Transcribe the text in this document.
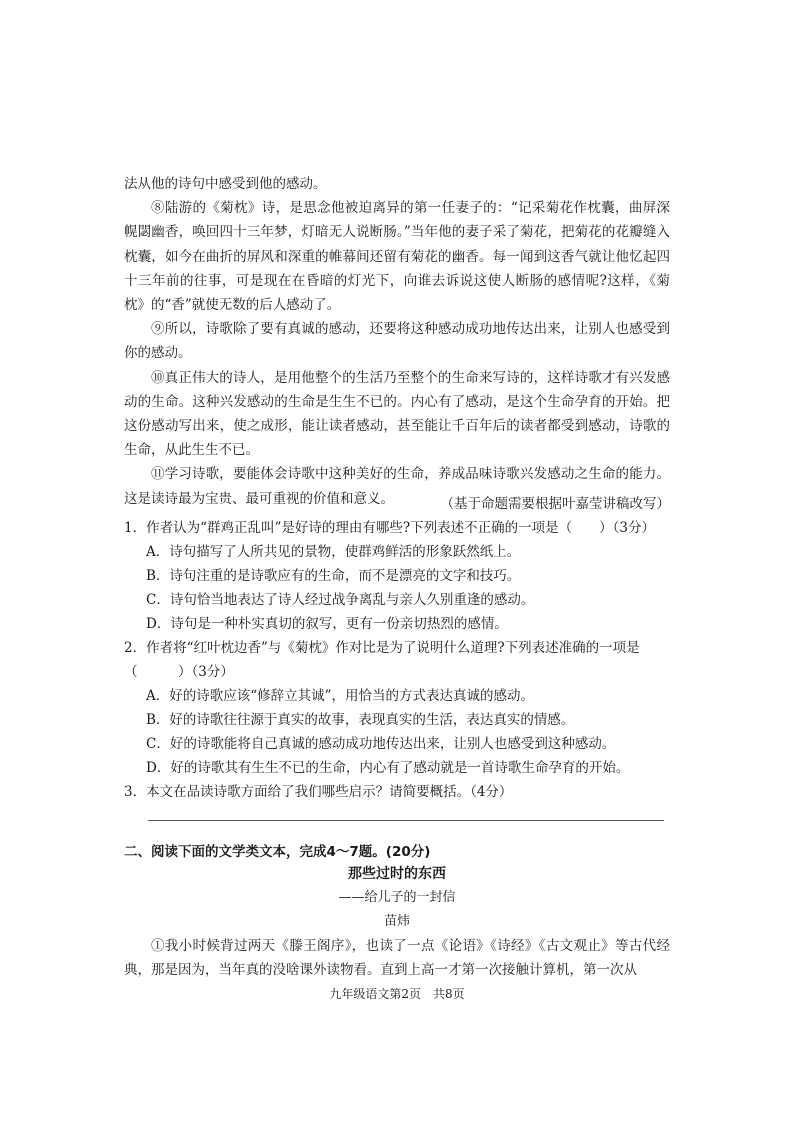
法从他的诗句中感受到他的感动。

⑧陆游的《菊枕》诗，是思念他被迫离异的第一任妻子的：“记采菊花作枕囊，曲屏深幌閟幽香，唤回四十三年梦，灯暗无人说断肠。”当年他的妻子采了菊花，把菊花的花瓣缝入枕囊，如今在曲折的屏风和深重的帷幕间还留有菊花的幽香。每一闻到这香气就让他忆起四十三年前的往事，可是现在在昏暗的灯光下，向谁去诉说这使人断肠的感情呢?这样，《菊枕》的“香”就使无数的后人感动了。

⑨所以，诗歌除了要有真诚的感动，还要将这种感动成功地传达出来，让别人也感受到你的感动。

⑩真正伟大的诗人，是用他整个的生活乃至整个的生命来写诗的，这样诗歌才有兴发感动的生命。这种兴发感动的生命是生生不已的。内心有了感动，是这个生命孕育的开始。把这份感动写出来，使之成形，能让读者感动，甚至能让千百年后的读者都受到感动，诗歌的生命，从此生生不已。

⑪学习诗歌，要能体会诗歌中这种美好的生命，养成品味诗歌兴发感动之生命的能力。这是读诗最为宝贵、最可重视的价值和意义。	（基于命题需要根据叶嘉莹讲稿改写）
1．作者认为“群鸡正乱叫”是好诗的理由有哪些?下列表述不正确的一项是（　　）（3分）
A．诗句描写了人所共见的景物，使群鸡鲜活的形象跃然纸上。
B．诗句注重的是诗歌应有的生命，而不是漂亮的文字和技巧。
C．诗句恰当地表达了诗人经过战争离乱与亲人久别重逢的感动。
D．诗句是一种朴实真切的叙写，更有一份亲切热烈的感情。
2．作者将“红叶枕边香”与《菊枕》作对比是为了说明什么道理?下列表述准确的一项是（　　　）（3分）
A．好的诗歌应该“修辞立其诚”，用恰当的方式表达真诚的感动。
B．好的诗歌往往源于真实的故事，表现真实的生活，表达真实的情感。
C．好的诗歌能将自己真诚的感动成功地传达出来，让别人也感受到这种感动。
D．好的诗歌其有生生不已的生命，内心有了感动就是一首诗歌生命孕育的开始。
3．本文在品读诗歌方面给了我们哪些启示？请简要概括。（4分）
二、阅读下面的文学类文本，完成4～7题。(20分)
那些过时的东西
——给儿子的一封信
苗炜

①我小时候背过两天《滕王阁序》，也读了一点《论语》《诗经》《古文观止》等古代经典，那是因为，当年真的没啥课外读物看。直到上高一才第一次接触计算机，第一次从

九年级语文第2页　共8页
